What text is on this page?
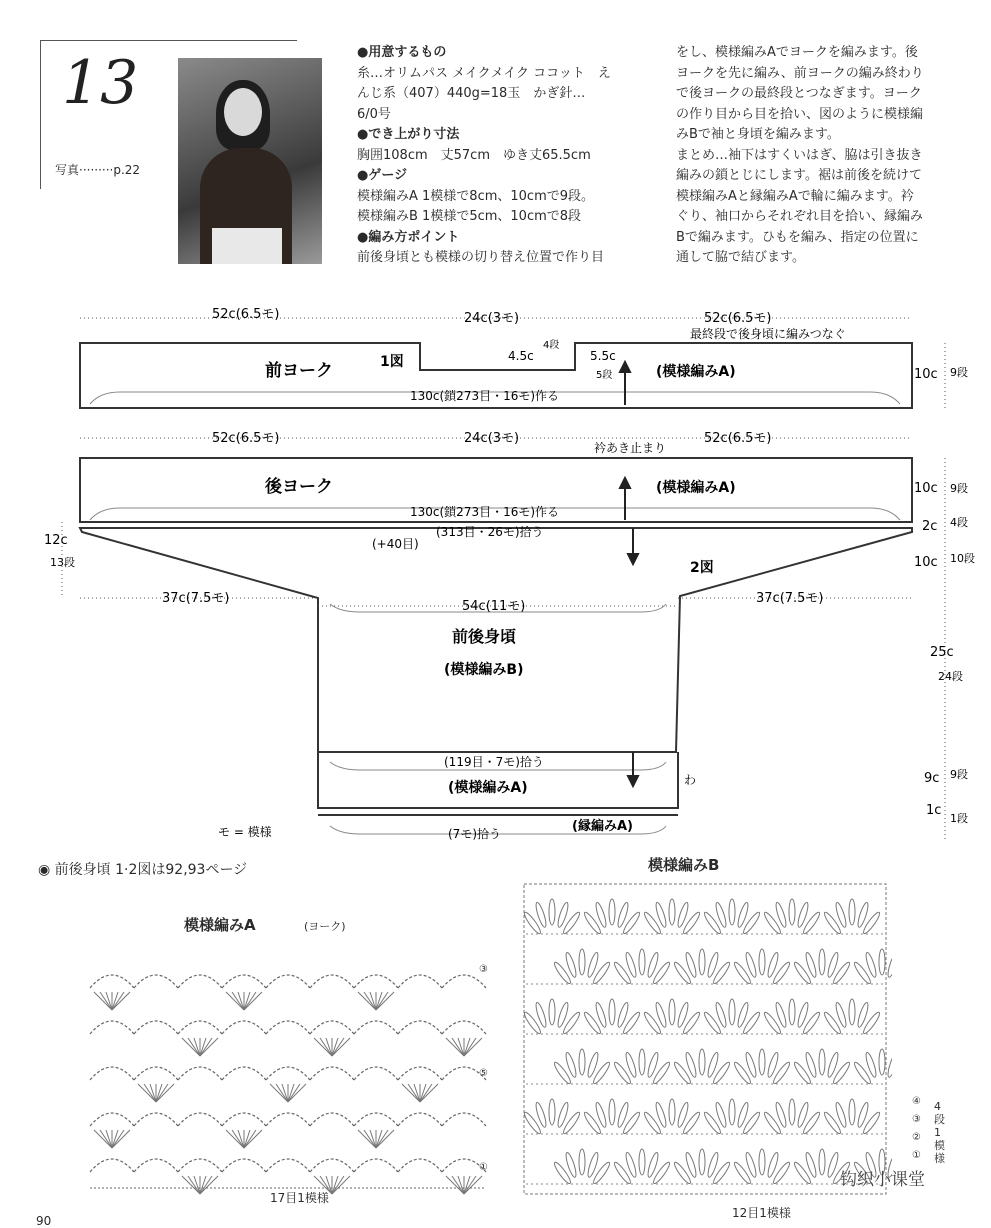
13
写真·········p.22
●用意するもの
糸…オリムパス メイクメイク ココット　え
んじ系（407）440g=18玉　かぎ針…
6/0号
●でき上がり寸法
胸囲108cm　丈57cm　ゆき丈65.5cm
●ゲージ
模様編みA 1模様で8cm、10cmで9段。
模様編みB 1模様で5cm、10cmで8段
●編み方ポイント
前後身頃とも模様の切り替え位置で作り目
をし、模様編みAでヨークを編みます。後
ヨークを先に編み、前ヨークの編み終わり
で後ヨークの最終段とつなぎます。ヨーク
の作り目から目を拾い、図のように模様編
みBで袖と身頃を編みます。
まとめ…袖下はすくいはぎ、脇は引き抜き
編みの鎖とじにします。裾は前後を続けて
模様編みAと縁編みAで輪に編みます。衿
ぐり、袖口からそれぞれ目を拾い、縁編み
Bで編みます。ひもを編み、指定の位置に
通して脇で結びます。
52c(6.5モ)	24c(3モ)	52c(6.5モ)
最終段で後身頃に編みつなぐ
前ヨーク	1図	4.5c
4段
5.5c
5段	(模様編みA)
130c(鎖273目・16モ)作る
10c 9段
52c(6.5モ)	24c(3モ)	52c(6.5モ)
衿あき止まり
後ヨーク	(模様編みA)
130c(鎖273目・16モ)作る
10c 9段
(313目・26モ)拾う
(+40目)
2c 4段
10c 10段
12c
13段	2図
37c(7.5モ)	37c(7.5モ)
54c(11モ)
前後身頃
(模様編みB)
25c
24段
(119目・7モ)拾う
(模様編みA)	わ	9c 9段
1c
1段
(7モ)拾う	(縁編みA)
モ = 模様
◉ 前後身頃 1·2図は92,93ページ
模様編みA	(ヨーク)
③
⑤
①
17目1模様
模様編みB
④
③
②
①
4段1模様
12目1模様
钩织小课堂
90
